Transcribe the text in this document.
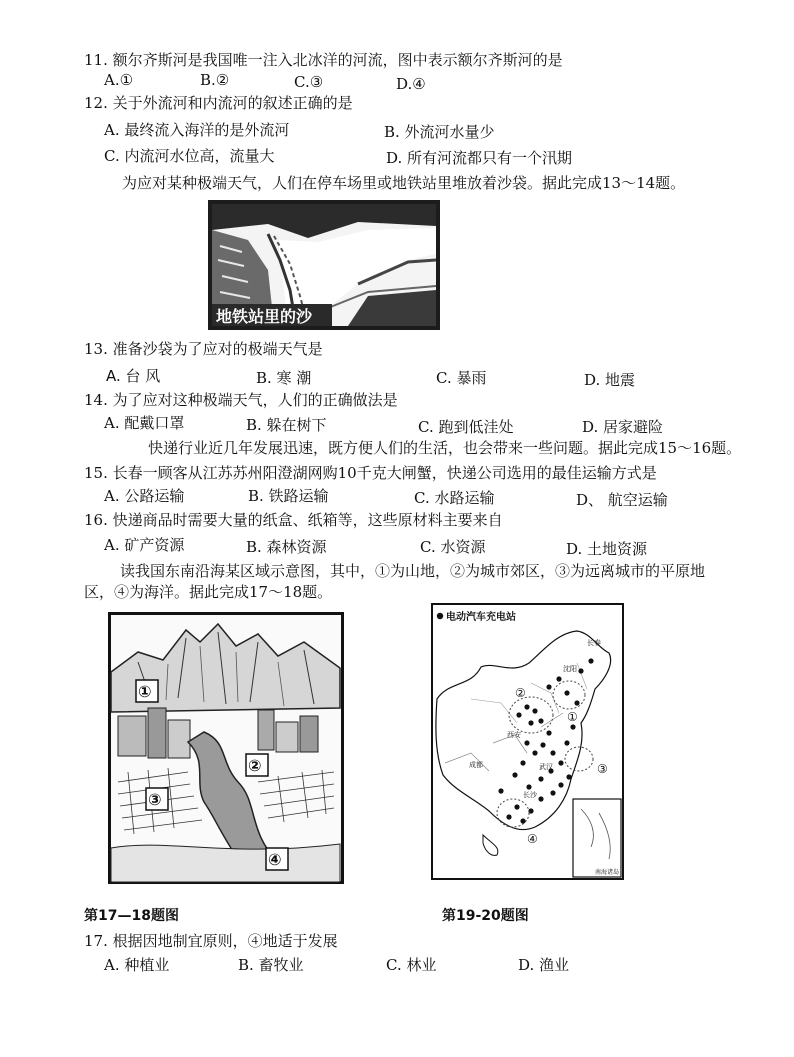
11. 额尔齐斯河是我国唯一注入北冰洋的河流，图中表示额尔齐斯河的是
A.①	B.②	C.③	D.④
12. 关于外流河和内流河的叙述正确的是
A. 最终流入海洋的是外流河	B. 外流河水量少
C. 内流河水位高，流量大	D. 所有河流都只有一个汛期
为应对某种极端天气，人们在停车场里或地铁站里堆放着沙袋。据此完成13～14题。
地铁站里的沙
13. 准备沙袋为了应对的极端天气是
A. 台 风	B. 寒 潮	C. 暴雨	D. 地震
14. 为了应对这种极端天气，人们的正确做法是
A. 配戴口罩	B. 躲在树下	C. 跑到低洼处	D. 居家避险
快递行业近几年发展迅速，既方便人们的生活，也会带来一些问题。据此完成15～16题。
15. 长春一顾客从江苏苏州阳澄湖网购10千克大闸蟹，快递公司选用的最佳运输方式是
A. 公路运输	B. 铁路运输	C. 水路运输	D、 航空运输
16. 快递商品时需要大量的纸盒、纸箱等，这些原材料主要来自
A. 矿产资源	B. 森林资源	C. 水资源	D. 土地资源
读我国东南沿海某区域示意图，其中，①为山地，②为城市郊区，③为远离城市的平原地
区，④为海洋。据此完成17～18题。
①
②
③
④
电动汽车充电站
南海诸岛
长春
沈阳
西安
成都	武汉
长沙
②
①
③
④
第17—18题图	第19-20题图
17. 根据因地制宜原则，④地适于发展
A. 种植业	B. 畜牧业	C. 林业	D. 渔业
